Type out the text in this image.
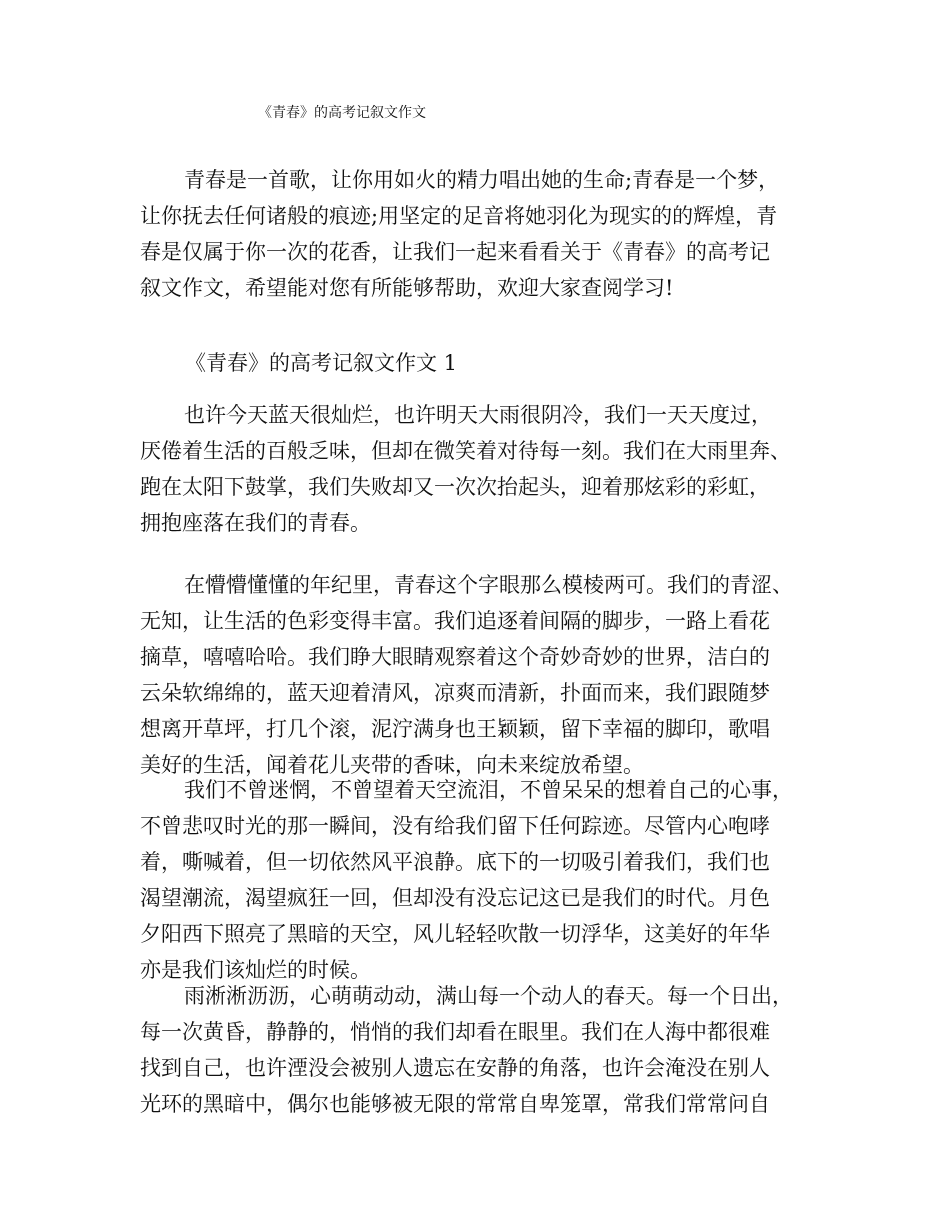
《青春》的高考记叙文作文
青春是一首歌，让你用如火的精力唱出她的生命;青春是一个梦，
让你抚去任何诸般的痕迹;用坚定的足音将她羽化为现实的的辉煌，青
春是仅属于你一次的花香，让我们一起来看看关于《青春》的高考记
叙文作文，希望能对您有所能够帮助，欢迎大家查阅学习!
《青春》的高考记叙文作文 1
也许今天蓝天很灿烂，也许明天大雨很阴冷，我们一天天度过，
厌倦着生活的百般乏味，但却在微笑着对待每一刻。我们在大雨里奔、
跑在太阳下鼓掌，我们失败却又一次次抬起头，迎着那炫彩的彩虹，
拥抱座落在我们的青春。
在懵懵懂懂的年纪里，青春这个字眼那么模棱两可。我们的青涩、
无知，让生活的色彩变得丰富。我们追逐着间隔的脚步，一路上看花
摘草，嘻嘻哈哈。我们睁大眼睛观察着这个奇妙奇妙的世界，洁白的
云朵软绵绵的，蓝天迎着清风，凉爽而清新，扑面而来，我们跟随梦
想离开草坪，打几个滚，泥泞满身也王颖颖，留下幸福的脚印，歌唱
美好的生活，闻着花儿夹带的香味，向未来绽放希望。
我们不曾迷惘，不曾望着天空流泪，不曾呆呆的想着自己的心事，
不曾悲叹时光的那一瞬间，没有给我们留下任何踪迹。尽管内心咆哮
着，嘶喊着，但一切依然风平浪静。底下的一切吸引着我们，我们也
渴望潮流，渴望疯狂一回，但却没有没忘记这已是我们的时代。月色
夕阳西下照亮了黑暗的天空，风儿轻轻吹散一切浮华，这美好的年华
亦是我们该灿烂的时候。
雨淅淅沥沥，心萌萌动动，满山每一个动人的春天。每一个日出，
每一次黄昏，静静的，悄悄的我们却看在眼里。我们在人海中都很难
找到自己，也许湮没会被别人遗忘在安静的角落，也许会淹没在别人
光环的黑暗中，偶尔也能够被无限的常常自卑笼罩，常我们常常问自
